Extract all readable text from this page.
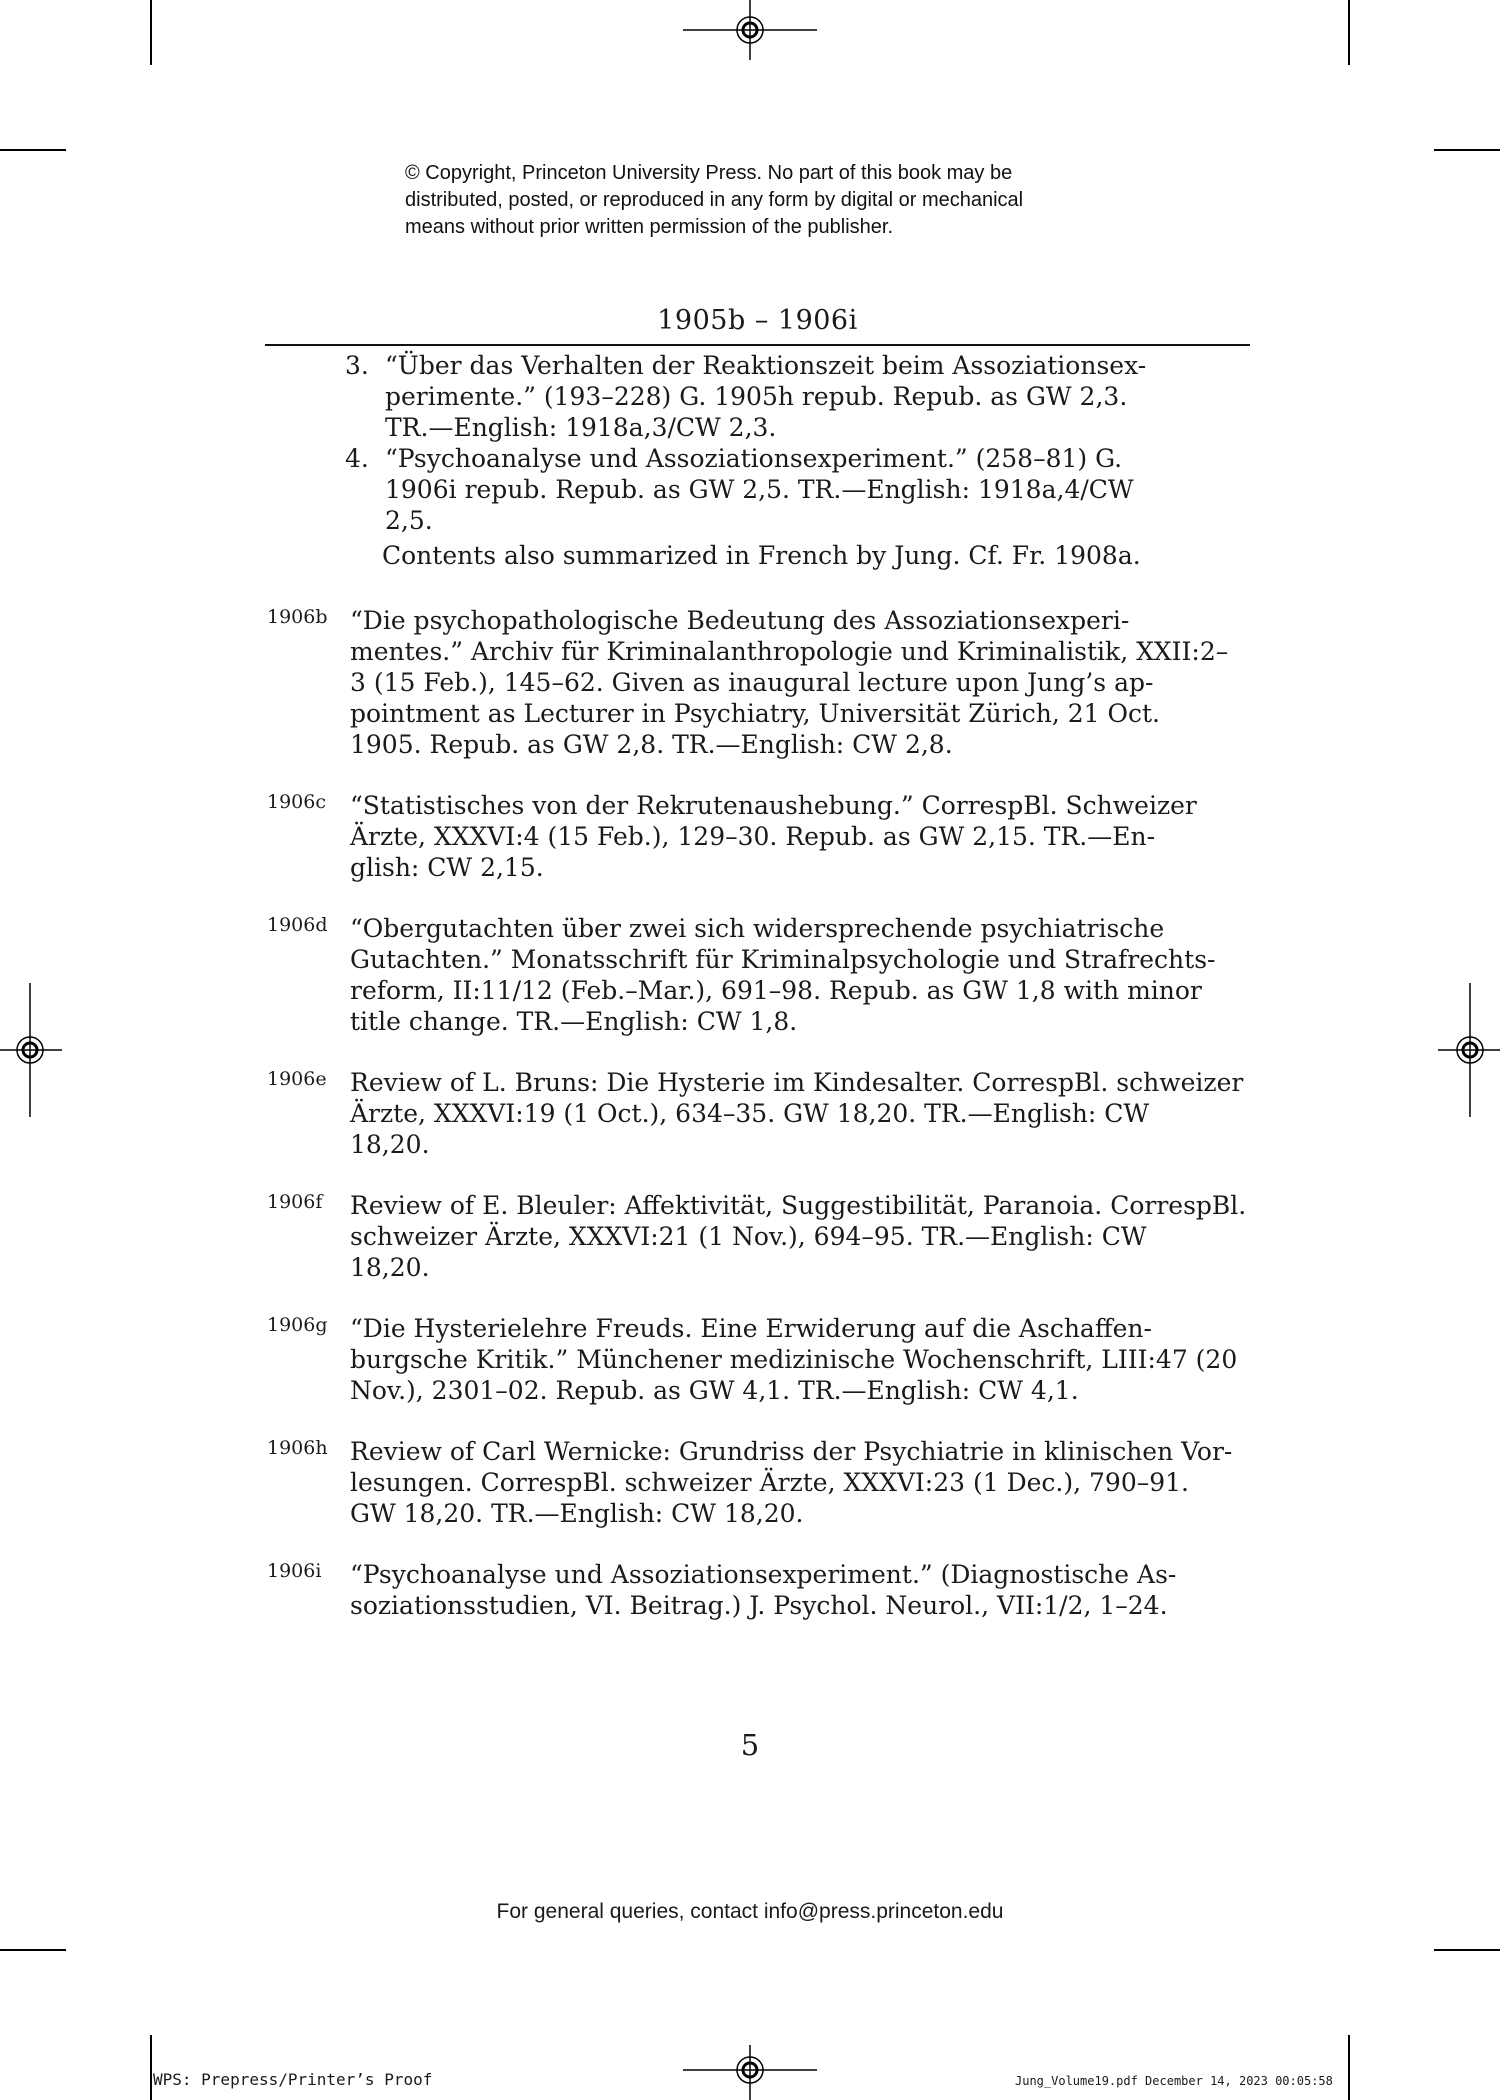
© Copyright, Princeton University Press. No part of this book may be
distributed, posted, or reproduced in any form by digital or mechanical
means without prior written permission of the publisher.
1905b – 1906i
3. “Über das Verhalten der Reaktionszeit beim Assoziationsex-
perimente.” (193–228) G. 1905h repub. Repub. as GW 2,3.
TR.—English: 1918a,3/CW 2,3.
4. “Psychoanalyse und Assoziationsexperiment.” (258–81) G.
1906i repub. Repub. as GW 2,5. TR.—English: 1918a,4/CW
2,5.
Contents also summarized in French by Jung. Cf. Fr. 1908a.
1906b “Die psychopathologische Bedeutung des Assoziationsexperi-
mentes.” Archiv für Kriminalanthropologie und Kriminalistik, XXII:2–
3 (15 Feb.), 145–62. Given as inaugural lecture upon Jung’s ap-
pointment as Lecturer in Psychiatry, Universität Zürich, 21 Oct.
1905. Repub. as GW 2,8. TR.—English: CW 2,8.
1906c “Statistisches von der Rekrutenaushebung.” CorrespBl. Schweizer
Ärzte, XXXVI:4 (15 Feb.), 129–30. Repub. as GW 2,15. TR.—En-
glish: CW 2,15.
1906d “Obergutachten über zwei sich widersprechende psychiatrische
Gutachten.” Monatsschrift für Kriminalpsychologie und Strafrechts-
reform, II:11/12 (Feb.–Mar.), 691–98. Repub. as GW 1,8 with minor
title change. TR.—English: CW 1,8.
1906e Review of L. Bruns: Die Hysterie im Kindesalter. CorrespBl. schweizer
Ärzte, XXXVI:19 (1 Oct.), 634–35. GW 18,20. TR.—English: CW
18,20.
1906f Review of E. Bleuler: Affektivität, Suggestibilität, Paranoia. CorrespBl.
schweizer Ärzte, XXXVI:21 (1 Nov.), 694–95. TR.—English: CW
18,20.
1906g “Die Hysterielehre Freuds. Eine Erwiderung auf die Aschaffen-
burgsche Kritik.” Münchener medizinische Wochenschrift, LIII:47 (20
Nov.), 2301–02. Repub. as GW 4,1. TR.—English: CW 4,1.
1906h Review of Carl Wernicke: Grundriss der Psychiatrie in klinischen Vor-
lesungen. CorrespBl. schweizer Ärzte, XXXVI:23 (1 Dec.), 790–91.
GW 18,20. TR.—English: CW 18,20.
1906i “Psychoanalyse und Assoziationsexperiment.” (Diagnostische As-
soziationsstudien, VI. Beitrag.) J. Psychol. Neurol., VII:1/2, 1–24.
5
For general queries, contact info@press.princeton.edu
WPS: Prepress/Printer’s Proof	Jung_Volume19.pdf December 14, 2023 00:05:58
